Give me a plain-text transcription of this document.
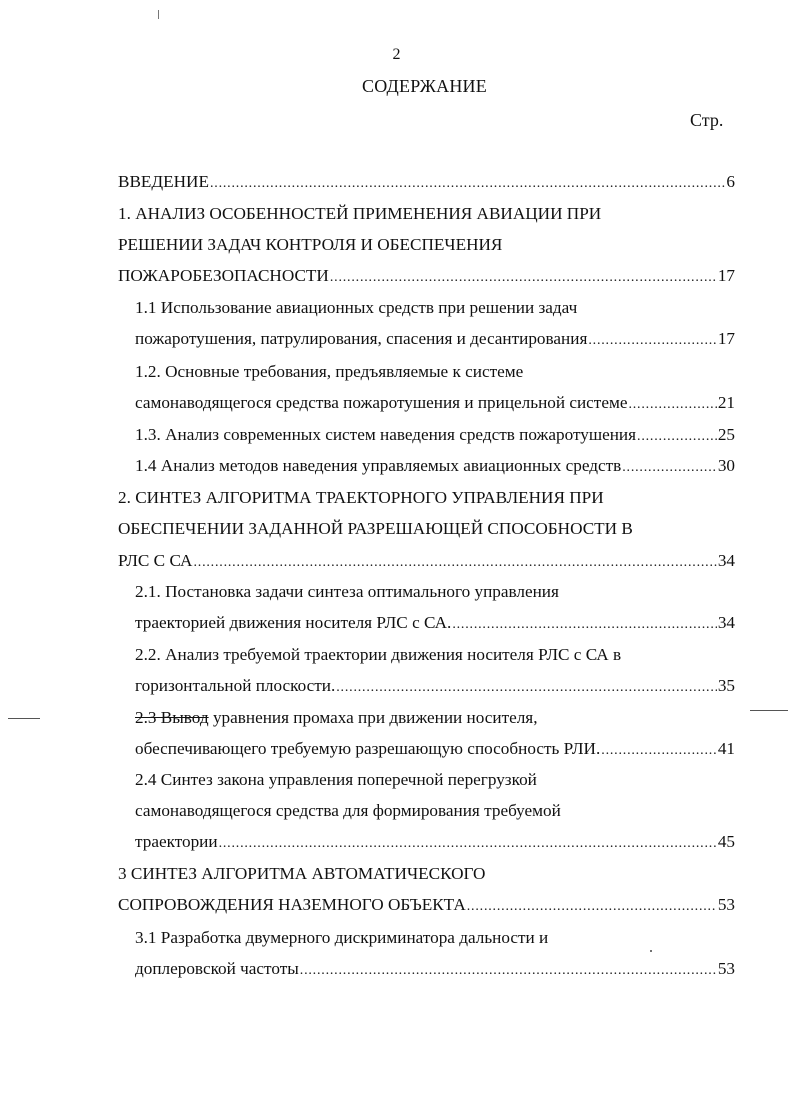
2
СОДЕРЖАНИЕ
Стр.
ВВЕДЕНИЕ .....	6
1. АНАЛИЗ ОСОБЕННОСТЕЙ ПРИМЕНЕНИЯ АВИАЦИИ ПРИ
РЕШЕНИИ ЗАДАЧ КОНТРОЛЯ И ОБЕСПЕЧЕНИЯ
ПОЖАРОБЕЗОПАСНОСТИ .....	17
1.1 Использование авиационных средств при решении задач
пожаротушения, патрулирования, спасения и десантирования .....	17
1.2. Основные требования, предъявляемые к системе
самонаводящегося средства пожаротушения и прицельной системе .....	21
1.3. Анализ современных систем наведения средств пожаротушения .....	25
1.4 Анализ методов наведения управляемых авиационных средств .....	30
2. СИНТЕЗ АЛГОРИТМА ТРАЕКТОРНОГО УПРАВЛЕНИЯ ПРИ
ОБЕСПЕЧЕНИИ ЗАДАННОЙ РАЗРЕШАЮЩЕЙ СПОСОБНОСТИ В
РЛС С СА .....	34
2.1. Постановка задачи синтеза оптимального управления
траекторией движения носителя РЛС с СА. .....	34
2.2. Анализ требуемой траектории движения носителя РЛС с СА в
горизонтальной плоскости. .....	35
2.3 Вывод уравнения промаха при движении носителя,
обеспечивающего требуемую разрешающую способность РЛИ. .....	41
2.4 Синтез закона управления поперечной перегрузкой
самонаводящегося средства для формирования требуемой
траектории .....	45
3 СИНТЕЗ АЛГОРИТМА АВТОМАТИЧЕСКОГО
СОПРОВОЖДЕНИЯ НАЗЕМНОГО ОБЪЕКТА .....	53
3.1 Разработка двумерного дискриминатора дальности и
доплеровской частоты .....	53
